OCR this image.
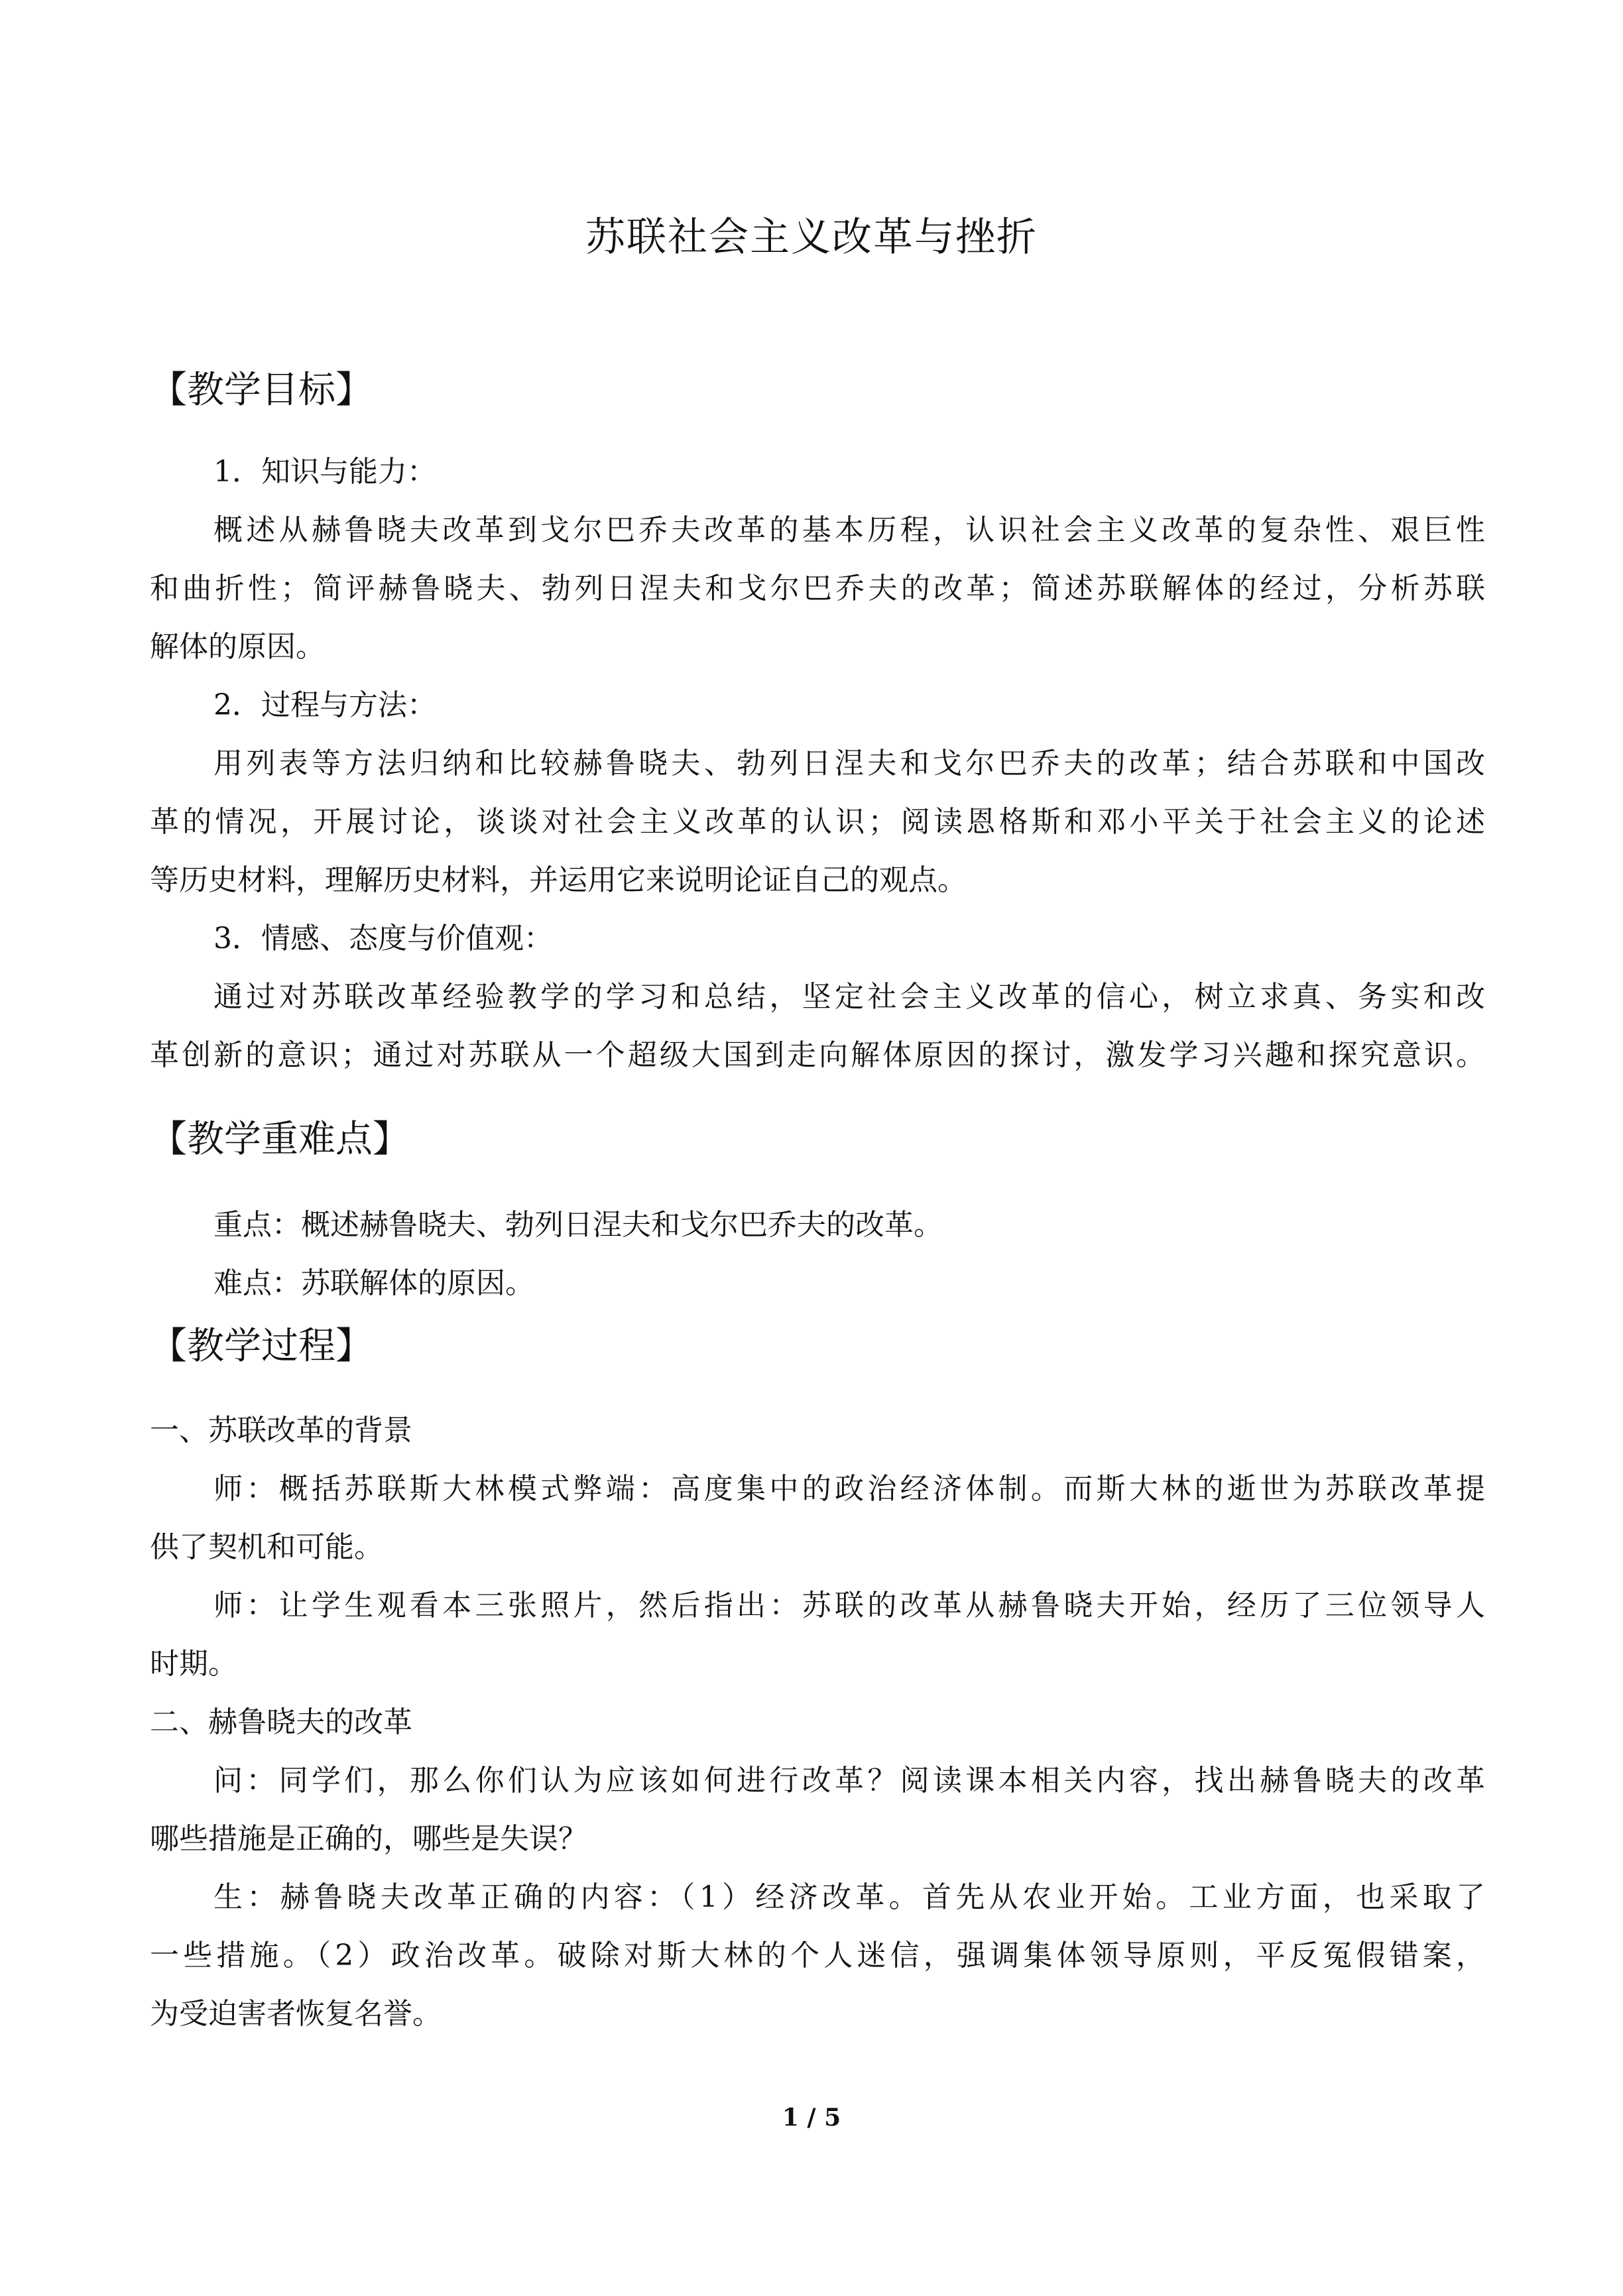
苏联社会主义改革与挫折
【教学目标】
1．知识与能力：
概述从赫鲁晓夫改革到戈尔巴乔夫改革的基本历程，认识社会主义改革的复杂性、艰巨性
和曲折性；简评赫鲁晓夫、勃列日涅夫和戈尔巴乔夫的改革；简述苏联解体的经过，分析苏联
解体的原因。
2．过程与方法：
用列表等方法归纳和比较赫鲁晓夫、勃列日涅夫和戈尔巴乔夫的改革；结合苏联和中国改
革的情况，开展讨论，谈谈对社会主义改革的认识；阅读恩格斯和邓小平关于社会主义的论述
等历史材料，理解历史材料，并运用它来说明论证自己的观点。
3．情感、态度与价值观：
通过对苏联改革经验教学的学习和总结，坚定社会主义改革的信心，树立求真、务实和改
革创新的意识；通过对苏联从一个超级大国到走向解体原因的探讨，激发学习兴趣和探究意识。
【教学重难点】
重点：概述赫鲁晓夫、勃列日涅夫和戈尔巴乔夫的改革。
难点：苏联解体的原因。
【教学过程】
一、苏联改革的背景
师：概括苏联斯大林模式弊端：高度集中的政治经济体制。而斯大林的逝世为苏联改革提
供了契机和可能。
师：让学生观看本三张照片，然后指出：苏联的改革从赫鲁晓夫开始，经历了三位领导人
时期。
二、赫鲁晓夫的改革
问：同学们，那么你们认为应该如何进行改革？阅读课本相关内容，找出赫鲁晓夫的改革
哪些措施是正确的，哪些是失误？
生：赫鲁晓夫改革正确的内容：（1）经济改革。首先从农业开始。工业方面，也采取了
一些措施。（2）政治改革。破除对斯大林的个人迷信，强调集体领导原则，平反冤假错案，
为受迫害者恢复名誉。
1 / 5
